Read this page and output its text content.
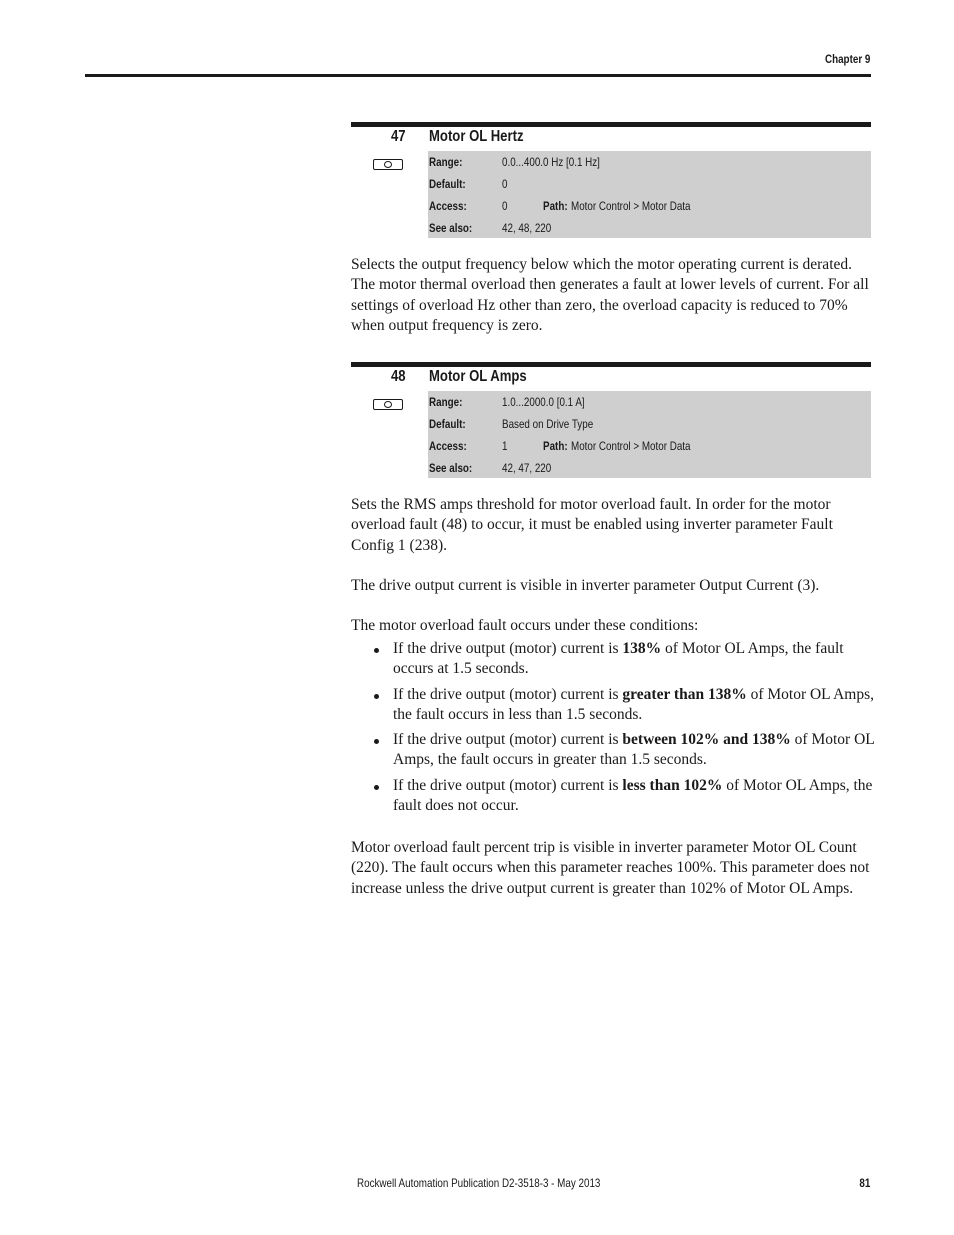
Chapter 9
47 Motor OL Hertz
Range:	0.0...400.0 Hz [0.1 Hz]
Default:	0
Access:	0	Path: Motor Control > Motor Data
See also: 42, 48, 220

Selects the output frequency below which the motor operating current is derated. The motor thermal overload then generates a fault at lower levels of current. For all settings of overload Hz other than zero, the overload capacity is reduced to 70% when output frequency is zero.

48 Motor OL Amps
Range:	1.0...2000.0 [0.1 A]
Default:	Based on Drive Type
Access:	1	Path: Motor Control > Motor Data
See also: 42, 47, 220

Sets the RMS amps threshold for motor overload fault. In order for the motor overload fault (48) to occur, it must be enabled using inverter parameter Fault Config 1 (238).

The drive output current is visible in inverter parameter Output Current (3).

The motor overload fault occurs under these conditions:

If the drive output (motor) current is 138% of Motor OL Amps, the fault occurs at 1.5 seconds.
If the drive output (motor) current is greater than 138% of Motor OL Amps, the fault occurs in less than 1.5 seconds.
If the drive output (motor) current is between 102% and 138% of Motor OL Amps, the fault occurs in greater than 1.5 seconds.
If the drive output (motor) current is less than 102% of Motor OL Amps, the fault does not occur.

Motor overload fault percent trip is visible in inverter parameter Motor OL Count (220). The fault occurs when this parameter reaches 100%. This parameter does not increase unless the drive output current is greater than 102% of Motor OL Amps.

Rockwell Automation Publication D2-3518-3 - May 2013	81
